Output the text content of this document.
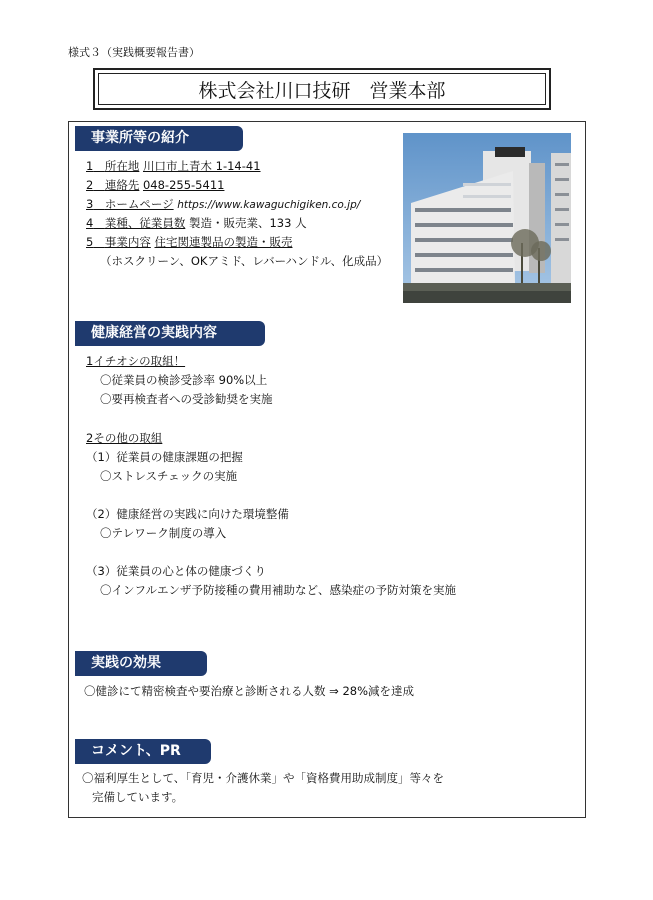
様式３（実践概要報告書）
株式会社川口技研　営業本部
事業所等の紹介
1　 所在地 川口市上青木 1-14-41
2　 連絡先 048-255-5411
3　 ホームページ https://www.kawaguchigiken.co.jp/
4　 業種、従業員数 製造・販売業、133 人
5　 事業内容 住宅関連製品の製造・販売
（ホスクリーン、OKアミド、レバーハンドル、化成品）
健康経営の実践内容
1イチオシの取組！
〇従業員の検診受診率 90%以上
〇要再検査者への受診勧奨を実施
2その他の取組
（1）従業員の健康課題の把握
〇ストレスチェックの実施
（2）健康経営の実践に向けた環境整備
〇テレワーク制度の導入
（3）従業員の心と体の健康づくり
〇インフルエンザ予防接種の費用補助など、感染症の予防対策を実施
実践の効果
〇健診にて精密検査や要治療と診断される人数 ⇒ 28%減を達成
コメント、PR
〇福利厚生として、「育児・介護休業」や「資格費用助成制度」等々を
完備しています。
